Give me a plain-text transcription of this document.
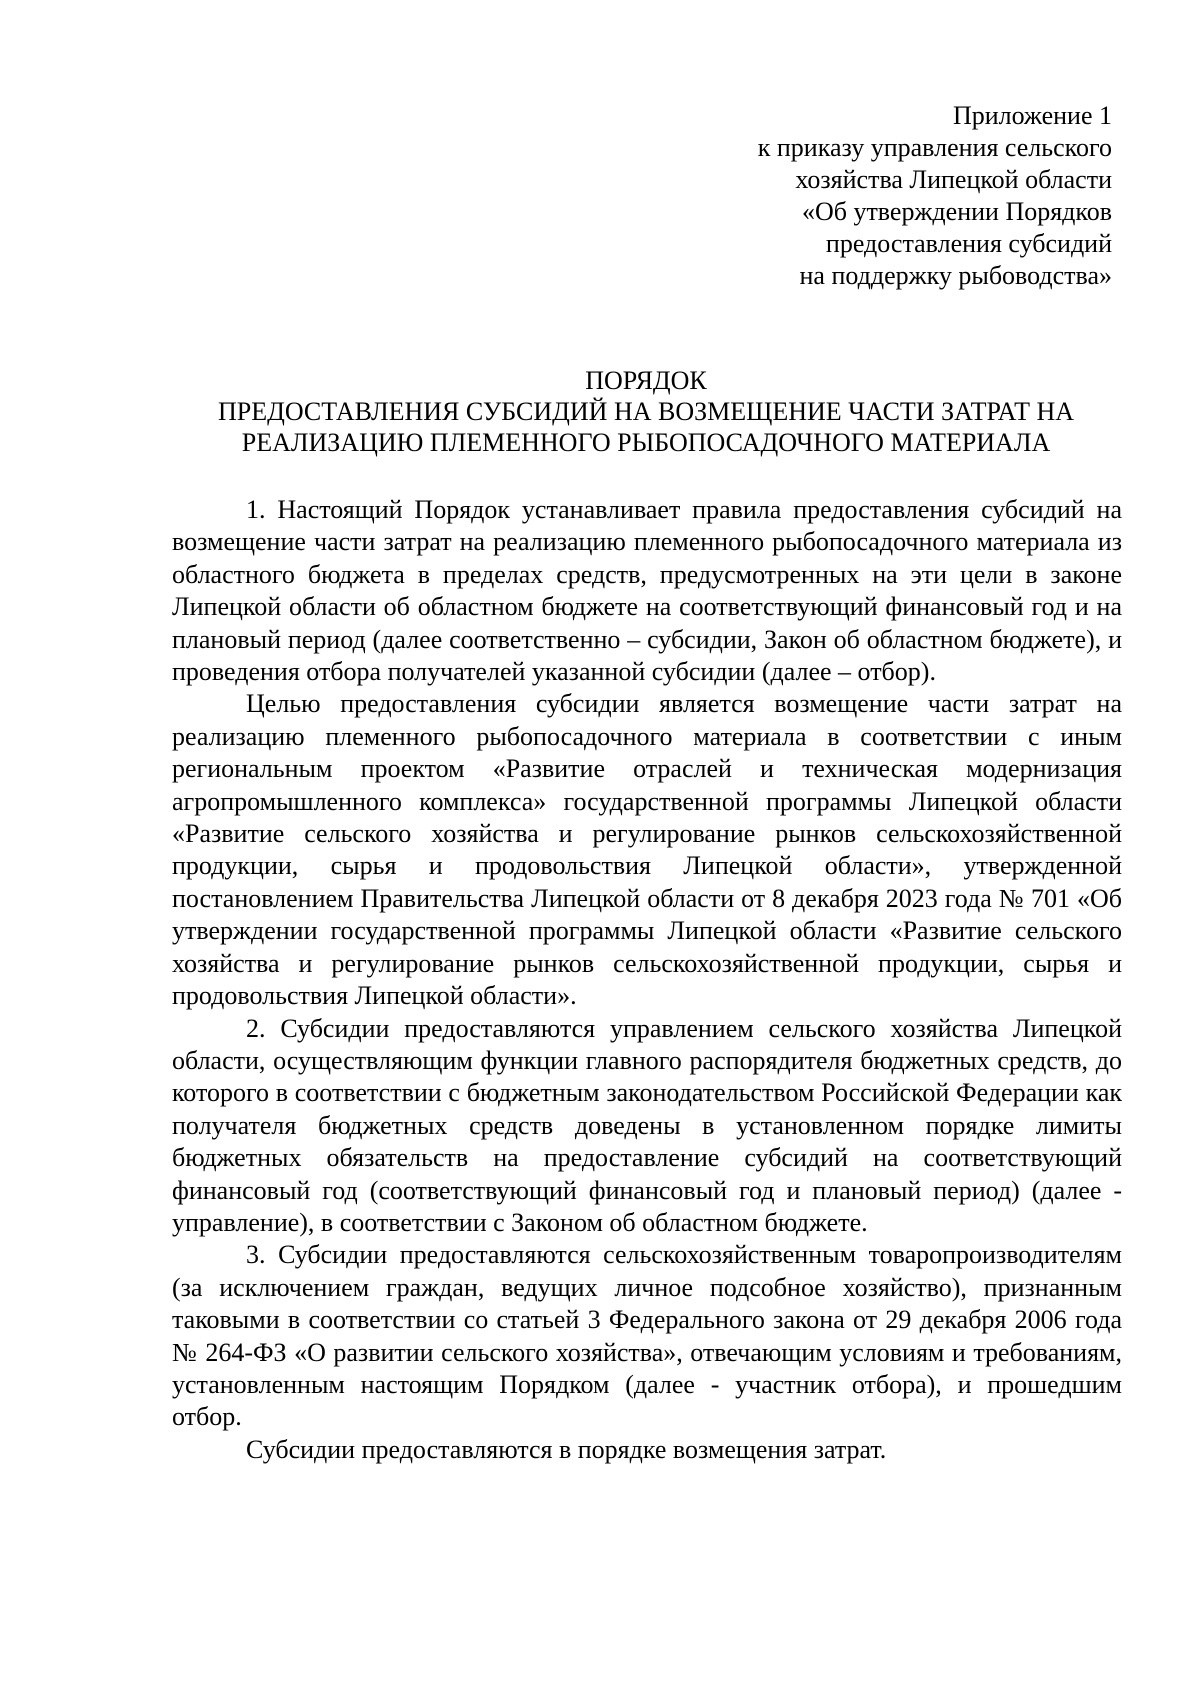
Приложение 1
к приказу управления сельского
хозяйства Липецкой области
«Об утверждении Порядков
предоставления субсидий
на поддержку рыбоводства»
ПОРЯДОК
ПРЕДОСТАВЛЕНИЯ СУБСИДИЙ НА ВОЗМЕЩЕНИЕ ЧАСТИ ЗАТРАТ НА
РЕАЛИЗАЦИЮ ПЛЕМЕННОГО РЫБОПОСАДОЧНОГО МАТЕРИАЛА

1. Настоящий Порядок устанавливает правила предоставления субсидий на возмещение части затрат на реализацию племенного рыбопосадочного материала из областного бюджета в пределах средств, предусмотренных на эти цели в законе Липецкой области об областном бюджете на соответствующий финансовый год и на плановый период (далее соответственно – субсидии, Закон об областном бюджете), и проведения отбора получателей указанной субсидии (далее – отбор).

Целью предоставления субсидии является возмещение части затрат на реализацию племенного рыбопосадочного материала в соответствии с иным региональным проектом «Развитие отраслей и техническая модернизация агропромышленного комплекса» государственной программы Липецкой области «Развитие сельского хозяйства и регулирование рынков сельскохозяйственной продукции, сырья и продовольствия Липецкой области», утвержденной постановлением Правительства Липецкой области от 8 декабря 2023 года № 701 «Об утверждении государственной программы Липецкой области «Развитие сельского хозяйства и регулирование рынков сельскохозяйственной продукции, сырья и продовольствия Липецкой области».

2. Субсидии предоставляются управлением сельского хозяйства Липецкой области, осуществляющим функции главного распорядителя бюджетных средств, до которого в соответствии с бюджетным законодательством Российской Федерации как получателя бюджетных средств доведены в установленном порядке лимиты бюджетных обязательств на предоставление субсидий на соответствующий финансовый год (соответствующий финансовый год и плановый период) (далее - управление), в соответствии с Законом об областном бюджете.

3. Субсидии предоставляются сельскохозяйственным товаропроизводителям (за исключением граждан, ведущих личное подсобное хозяйство), признанным таковыми в соответствии со статьей 3 Федерального закона от 29 декабря 2006 года № 264-ФЗ «О развитии сельского хозяйства», отвечающим условиям и требованиям, установленным настоящим Порядком (далее - участник отбора), и прошедшим отбор.

Субсидии предоставляются в порядке возмещения затрат.
